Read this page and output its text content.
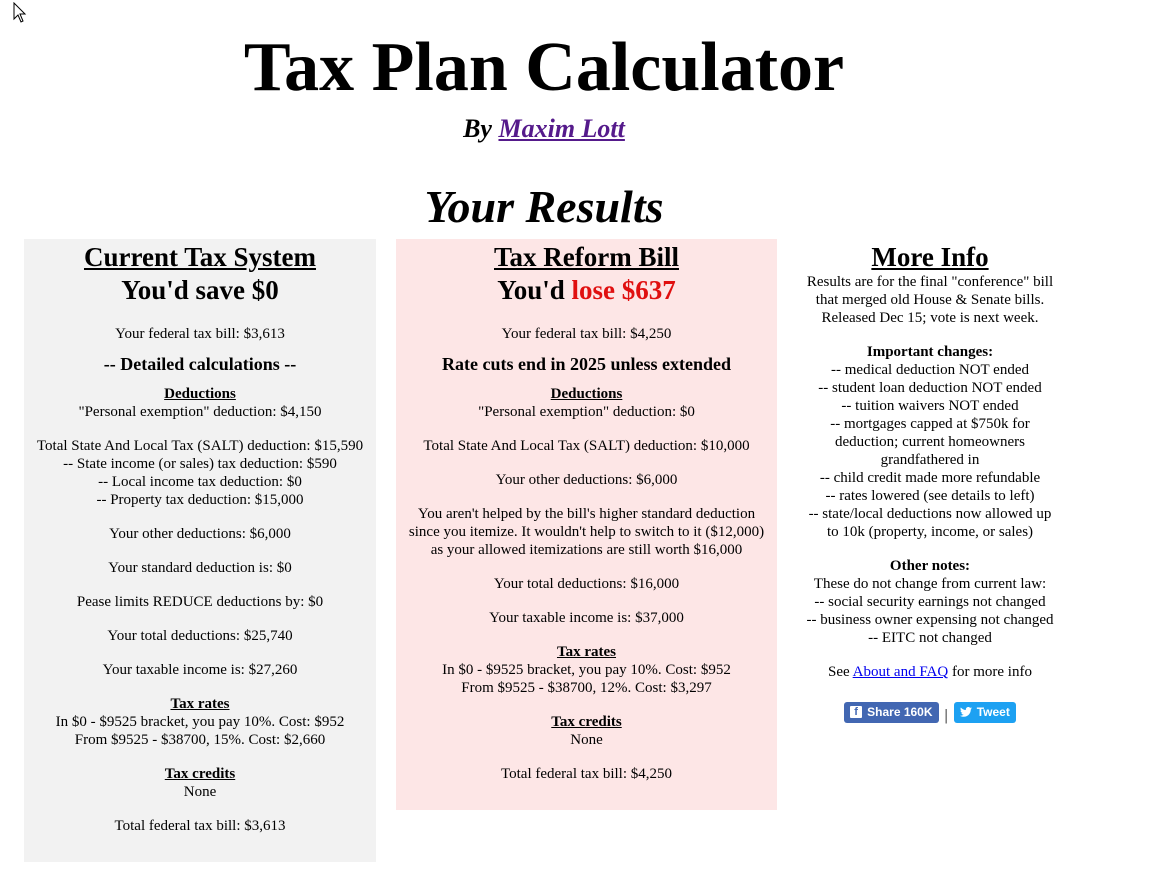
Tax Plan Calculator
By Maxim Lott
Your Results
Current Tax System
You'd save $0
Your federal tax bill: $3,613
-- Detailed calculations --
Deductions
"Personal exemption" deduction: $4,150
Total State And Local Tax (SALT) deduction: $15,590
-- State income (or sales) tax deduction: $590
-- Local income tax deduction: $0
-- Property tax deduction: $15,000
Your other deductions: $6,000
Your standard deduction is: $0
Pease limits REDUCE deductions by: $0
Your total deductions: $25,740
Your taxable income is: $27,260
Tax rates
In $0 - $9525 bracket, you pay 10%. Cost: $952
From $9525 - $38700, 15%. Cost: $2,660
Tax credits
None
Total federal tax bill: $3,613
Tax Reform Bill
You'd lose $637
Your federal tax bill: $4,250
Rate cuts end in 2025 unless extended
Deductions
"Personal exemption" deduction: $0
Total State And Local Tax (SALT) deduction: $10,000
Your other deductions: $6,000
You aren't helped by the bill's higher standard deduction
since you itemize. It wouldn't help to switch to it ($12,000)
as your allowed itemizations are still worth $16,000
Your total deductions: $16,000
Your taxable income is: $37,000
Tax rates
In $0 - $9525 bracket, you pay 10%. Cost: $952
From $9525 - $38700, 12%. Cost: $3,297
Tax credits
None
Total federal tax bill: $4,250
More Info
Results are for the final "conference" bill
that merged old House & Senate bills.
Released Dec 15; vote is next week.
Important changes:
-- medical deduction NOT ended
-- student loan deduction NOT ended
-- tuition waivers NOT ended
-- mortgages capped at $750k for
deduction; current homeowners
grandfathered in
-- child credit made more refundable
-- rates lowered (see details to left)
-- state/local deductions now allowed up
to 10k (property, income, or sales)
Other notes:
These do not change from current law:
-- social security earnings not changed
-- business owner expensing not changed
-- EITC not changed
See About and FAQ for more info
f Share 160K | Tweet
